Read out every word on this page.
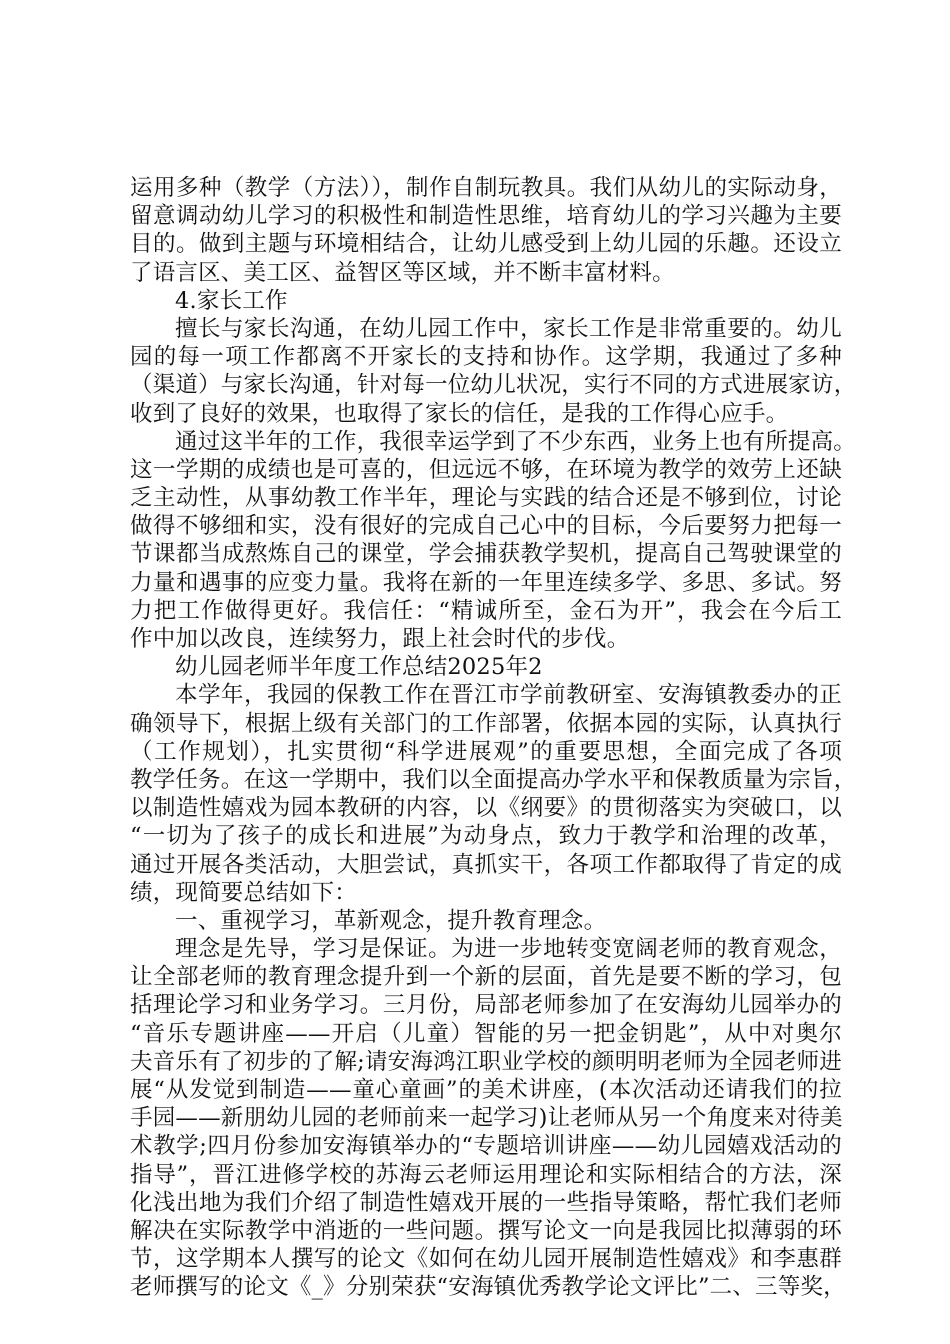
运用多种（教学（方法）），制作自制玩教具。我们从幼儿的实际动身，
留意调动幼儿学习的积极性和制造性思维，培育幼儿的学习兴趣为主要
目的。做到主题与环境相结合，让幼儿感受到上幼儿园的乐趣。还设立
了语言区、美工区、益智区等区域，并不断丰富材料。
4.家长工作
擅长与家长沟通，在幼儿园工作中，家长工作是非常重要的。幼儿
园的每一项工作都离不开家长的支持和协作。这学期，我通过了多种
（渠道）与家长沟通，针对每一位幼儿状况，实行不同的方式进展家访，
收到了良好的效果，也取得了家长的信任，是我的工作得心应手。
通过这半年的工作，我很幸运学到了不少东西，业务上也有所提高。
这一学期的成绩也是可喜的，但远远不够，在环境为教学的效劳上还缺
乏主动性，从事幼教工作半年，理论与实践的结合还是不够到位，讨论
做得不够细和实，没有很好的完成自己心中的目标，今后要努力把每一
节课都当成熬炼自己的课堂，学会捕获教学契机，提高自己驾驶课堂的
力量和遇事的应变力量。我将在新的一年里连续多学、多思、多试。努
力把工作做得更好。我信任：“精诚所至，金石为开”，我会在今后工
作中加以改良，连续努力，跟上社会时代的步伐。
幼儿园老师半年度工作总结2025年2
本学年，我园的保教工作在晋江市学前教研室、安海镇教委办的正
确领导下，根据上级有关部门的工作部署，依据本园的实际，认真执行
（工作规划），扎实贯彻“科学进展观”的重要思想，全面完成了各项
教学任务。在这一学期中，我们以全面提高办学水平和保教质量为宗旨，
以制造性嬉戏为园本教研的内容，以《纲要》的贯彻落实为突破口，以
“一切为了孩子的成长和进展”为动身点，致力于教学和治理的改革，
通过开展各类活动，大胆尝试，真抓实干，各项工作都取得了肯定的成
绩，现简要总结如下：
一、重视学习，革新观念，提升教育理念。
理念是先导，学习是保证。为进一步地转变宽阔老师的教育观念，
让全部老师的教育理念提升到一个新的层面，首先是要不断的学习，包
括理论学习和业务学习。三月份，局部老师参加了在安海幼儿园举办的
“音乐专题讲座——开启（儿童）智能的另一把金钥匙”，从中对奥尔
夫音乐有了初步的了解;请安海鸿江职业学校的颜明明老师为全园老师进
展“从发觉到制造——童心童画”的美术讲座，(本次活动还请我们的拉
手园——新朋幼儿园的老师前来一起学习)让老师从另一个角度来对待美
术教学;四月份参加安海镇举办的“专题培训讲座——幼儿园嬉戏活动的
指导”，晋江进修学校的苏海云老师运用理论和实际相结合的方法，深
化浅出地为我们介绍了制造性嬉戏开展的一些指导策略，帮忙我们老师
解决在实际教学中消逝的一些问题。撰写论文一向是我园比拟薄弱的环
节，这学期本人撰写的论文《如何在幼儿园开展制造性嬉戏》和李惠群
老师撰写的论文《_》分别荣获“安海镇优秀教学论文评比”二、三等奖，
